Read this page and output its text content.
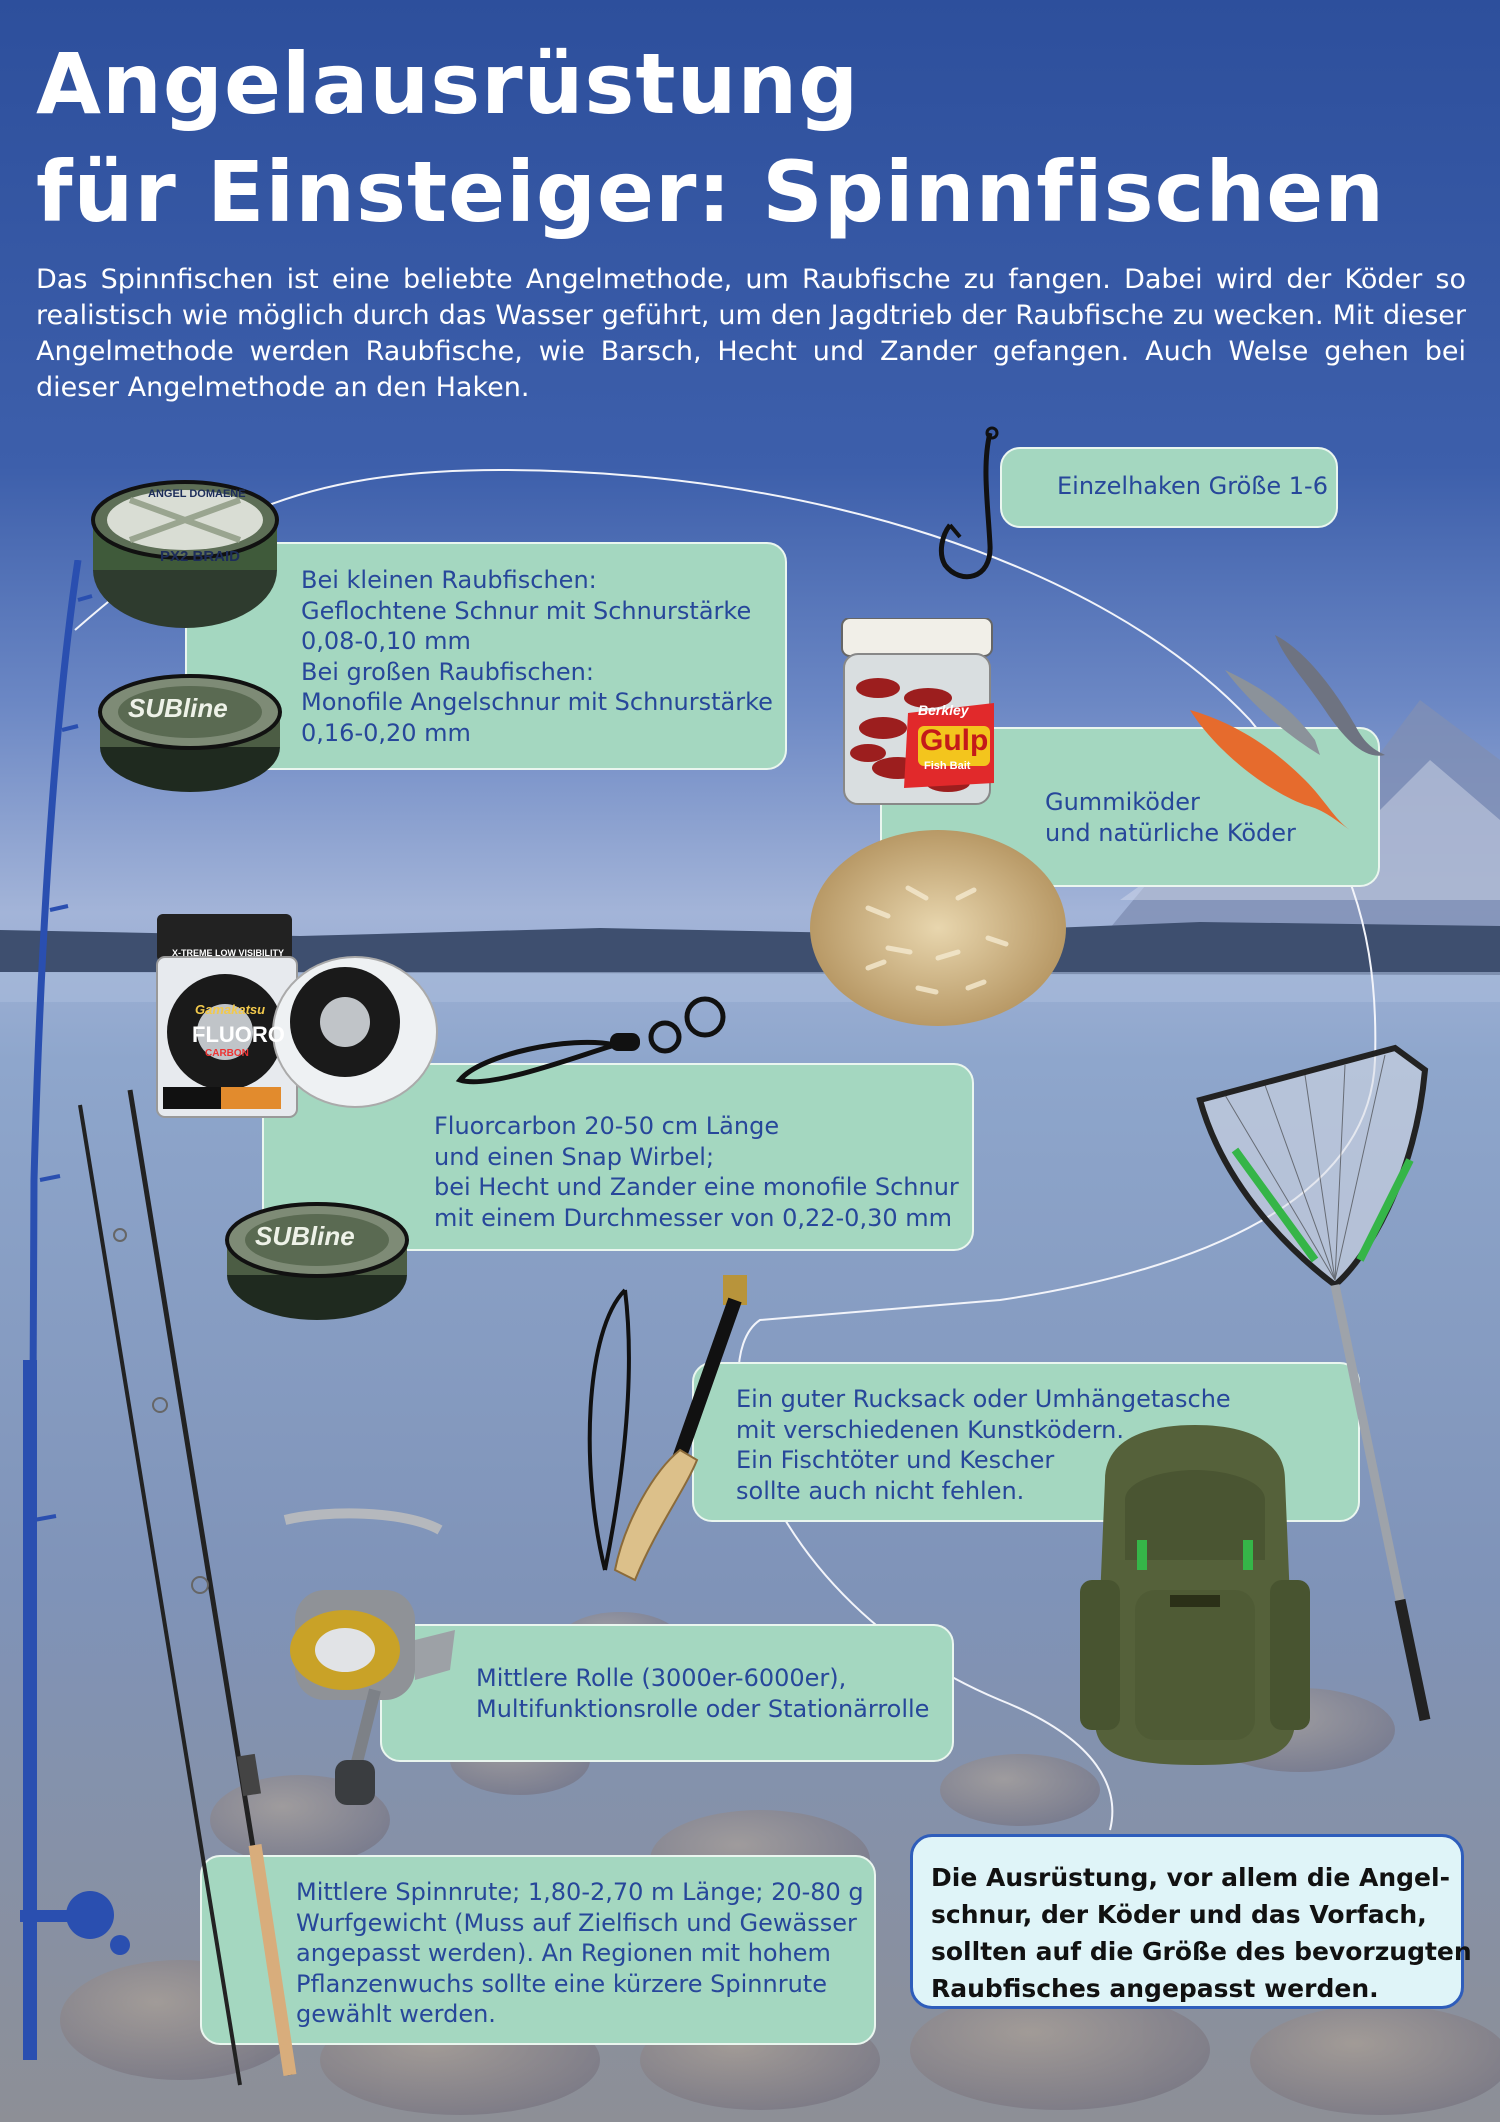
Angelausrüstung
für Einsteiger: Spinnfischen

Das Spinnfischen ist eine beliebte Angelmethode, um Raubfische zu fangen. Dabei wird der Köder so realistisch wie möglich durch das Wasser geführt, um den Jagdtrieb der Raubfische zu wecken. Mit dieser Angelmethode werden Raubfische, wie Barsch, Hecht und Zander gefangen. Auch Welse gehen bei dieser Angelmethode an den Haken.

Einzelhaken Größe 1-6
Bei kleinen Raubfischen:
Geflochtene Schnur mit Schnurstärke
0,08-0,10 mm
Bei großen Raubfischen:
Monofile Angelschnur mit Schnurstärke
0,16-0,20 mm
Gummiköder
und natürliche Köder
Fluorcarbon 20-50 cm Länge
und einen Snap Wirbel;
bei Hecht und Zander eine monofile Schnur
mit einem Durchmesser von 0,22-0,30 mm
Ein guter Rucksack oder Umhängetasche
mit verschiedenen Kunstködern.
Ein Fischtöter und Kescher
sollte auch nicht fehlen.
Mittlere Rolle (3000er-6000er),
Multifunktionsrolle oder Stationärrolle
Mittlere Spinnrute; 1,80-2,70 m Länge; 20-80 g
Wurfgewicht (Muss auf Zielfisch und Gewässer
angepasst werden). An Regionen mit hohem
Pflanzenwuchs sollte eine kürzere Spinnrute
gewählt werden.
Die Ausrüstung, vor allem die Angel-
schnur, der Köder und das Vorfach,
sollten auf die Größe des bevorzugten
Raubfisches angepasst werden.
ANGEL DOMAENE
PX2 BRAID
SUBline
SUBline
Berkley
Gulp
Fish Bait
X-TREME LOW VISIBILITY
Gamakatsu
FLUORO
CARBON
